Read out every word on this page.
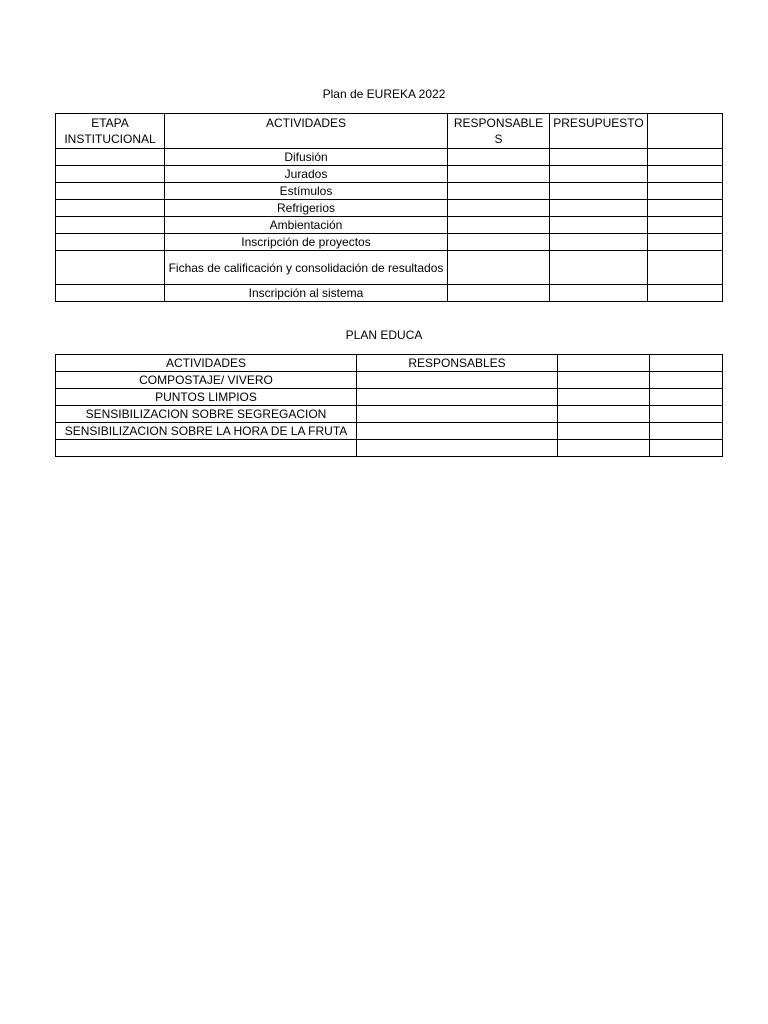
Plan de EUREKA 2022
ETAPA INSTITUCIONAL	ACTIVIDADES	RESPONSABLES	PRESUPUESTO	
	Difusión			
	Jurados			
	Estímulos			
	Refrigerios			
	Ambientación			
	Inscripción de proyectos			
	Fichas de calificación y consolidación de resultados			
	Inscripción al sistema			
PLAN EDUCA
ACTIVIDADES	RESPONSABLES		
COMPOSTAJE/ VIVERO			
PUNTOS LIMPIOS			
SENSIBILIZACION SOBRE SEGREGACION			
SENSIBILIZACION SOBRE LA HORA DE LA FRUTA			
